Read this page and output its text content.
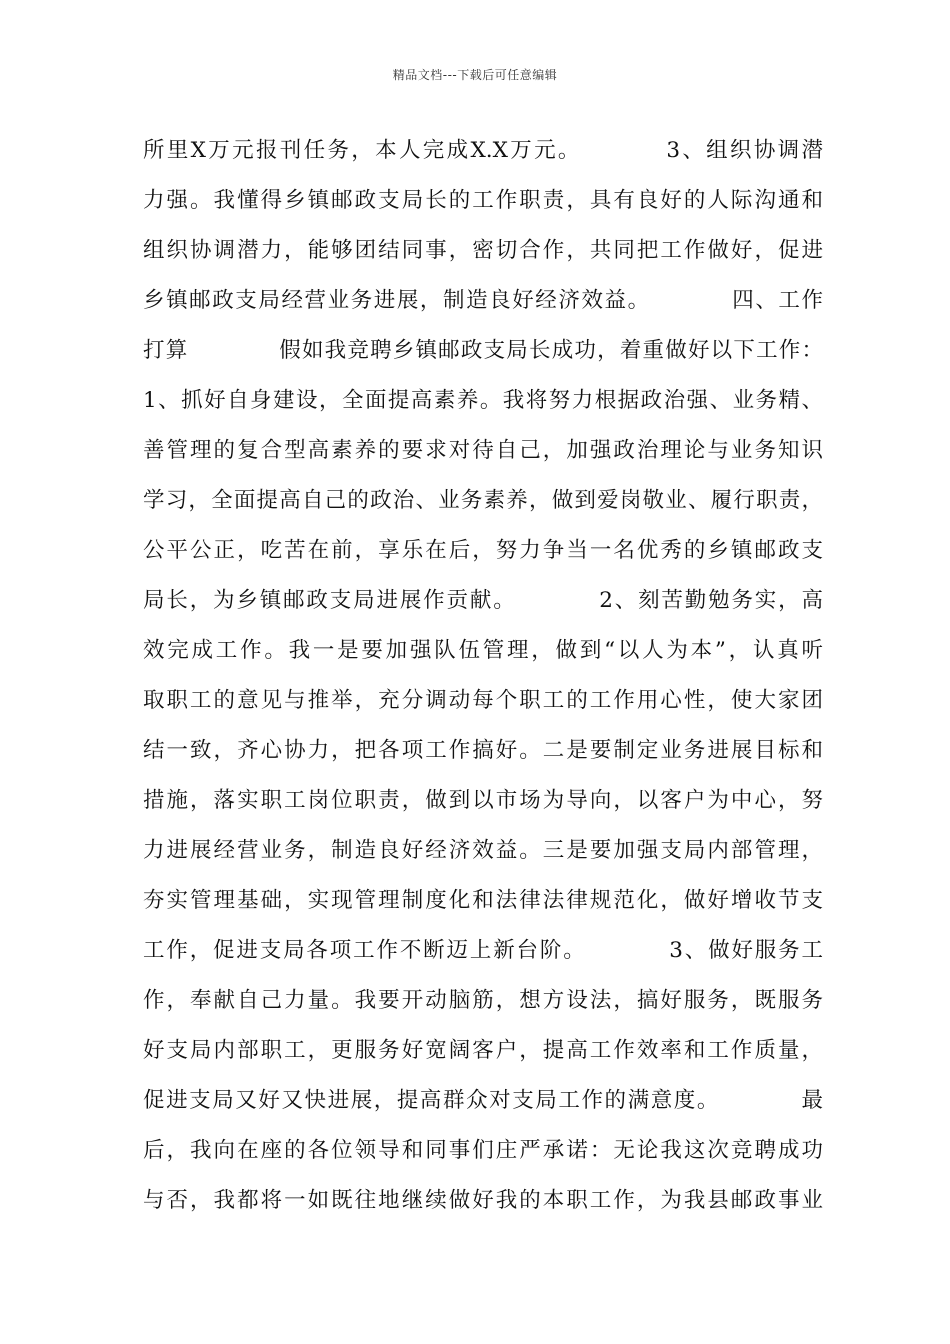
精品文档---下载后可任意编辑
所里X万元报刊任务，本人完成X.X万元。　　　　3、组织协调潜
力强。我懂得乡镇邮政支局长的工作职责，具有良好的人际沟通和
组织协调潜力，能够团结同事，密切合作，共同把工作做好，促进
乡镇邮政支局经营业务进展，制造良好经济效益。　　　　四、工作
打算　　　　假如我竞聘乡镇邮政支局长成功，着重做好以下工作：
1、抓好自身建设，全面提高素养。我将努力根据政治强、业务精、
善管理的复合型高素养的要求对待自己，加强政治理论与业务知识
学习，全面提高自己的政治、业务素养，做到爱岗敬业、履行职责，
公平公正，吃苦在前，享乐在后，努力争当一名优秀的乡镇邮政支
局长，为乡镇邮政支局进展作贡献。　　　　2、刻苦勤勉务实，高
效完成工作。我一是要加强队伍管理，做到“以人为本”，认真听
取职工的意见与推举，充分调动每个职工的工作用心性，使大家团
结一致，齐心协力，把各项工作搞好。二是要制定业务进展目标和
措施，落实职工岗位职责，做到以市场为导向，以客户为中心，努
力进展经营业务，制造良好经济效益。三是要加强支局内部管理，
夯实管理基础，实现管理制度化和法律法律规范化，做好增收节支
工作，促进支局各项工作不断迈上新台阶。　　　　3、做好服务工
作，奉献自己力量。我要开动脑筋，想方设法，搞好服务，既服务
好支局内部职工，更服务好宽阔客户，提高工作效率和工作质量，
促进支局又好又快进展，提高群众对支局工作的满意度。　　　　最
后，我向在座的各位领导和同事们庄严承诺：无论我这次竞聘成功
与否，我都将一如既往地继续做好我的本职工作，为我县邮政事业
